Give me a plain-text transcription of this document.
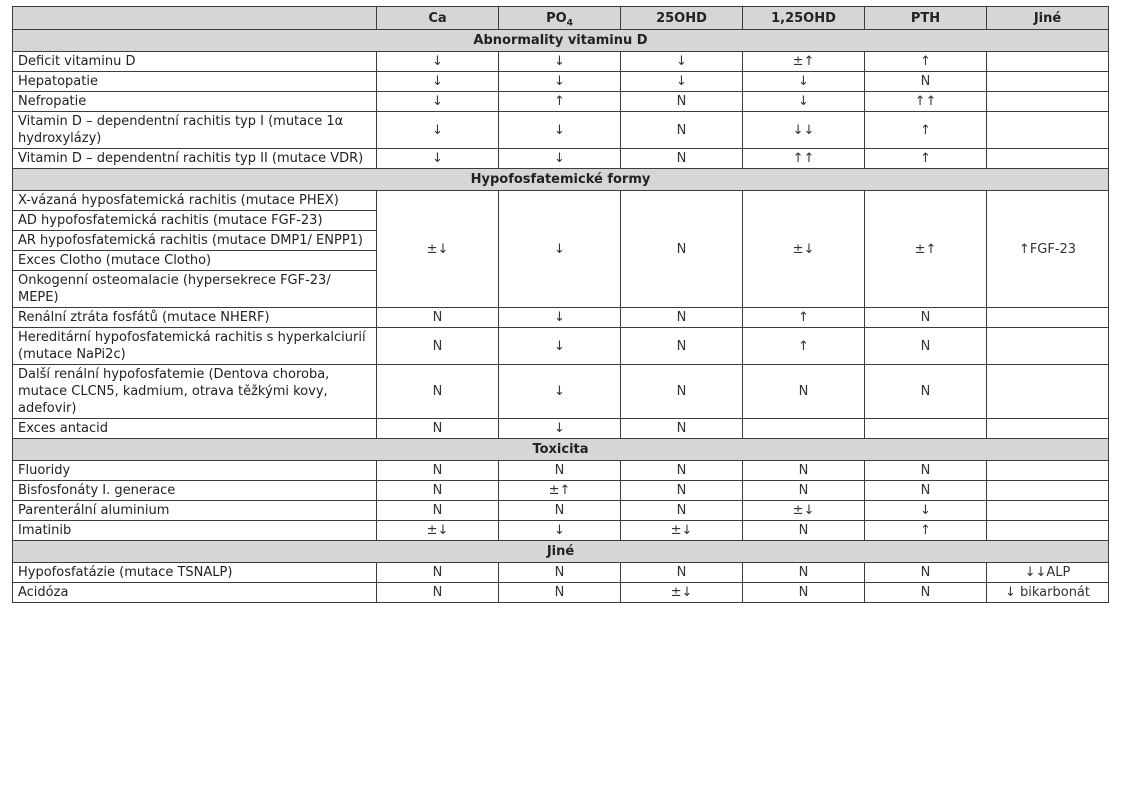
	Ca	$PO_4$	25OHD	1,25OHD	PTH	Jiné
Abnormality vitaminu D						
Deficit vitaminu D	↓	↓	↓	±↑	↑	
Hepatopatie	↓	↓	↓	↓	N	
Nefropatie	↓	↑	N	↓	↑↑	
Vitamin D – dependentní rachitis typ I (mutace 1α hydroxylázy)	↓	↓	N	↓↓	↑	
Vitamin D – dependentní rachitis typ II (mutace VDR)	↓	↓	N	↑↑	↑	
Hypofosfatemické formy						
X-vázaná hyposfatemická rachitis (mutace PHEX)	±↓	↓	N	±↓	±↑	↑FGF-23
AD hypofosfatemická rachitis (mutace FGF-23)						
AR hypofosfatemická rachitis (mutace DMP1/ ENPP1)						
Exces Clotho (mutace Clotho)						
Onkogenní osteomalacie (hypersekrece FGF-23/ MEPE)						
Renální ztráta fosfátů (mutace NHERF)	N	↓	N	↑	N	
Hereditární hypofosfatemická rachitis s hyperkalciurií (mutace NaPi2c)	N	↓	N	↑	N	
Další renální hypofosfatemie (Dentova choroba, mutace CLCN5, kadmium, otrava těžkými kovy, adefovir)	N	↓	N	N	N	
Exces antacid	N	↓	N			
Toxicita						
Fluoridy	N	N	N	N	N	
Bisfosfonáty I. generace	N	±↑	N	N	N	
Parenterální aluminium	N	N	N	±↓	↓	
Imatinib	±↓	↓	±↓	N	↑	
Jiné						
Hypofosfatázie (mutace TSNALP)	N	N	N	N	N	↓↓ALP
Acidóza	N	N	±↓	N	N	↓ bikarbonát
